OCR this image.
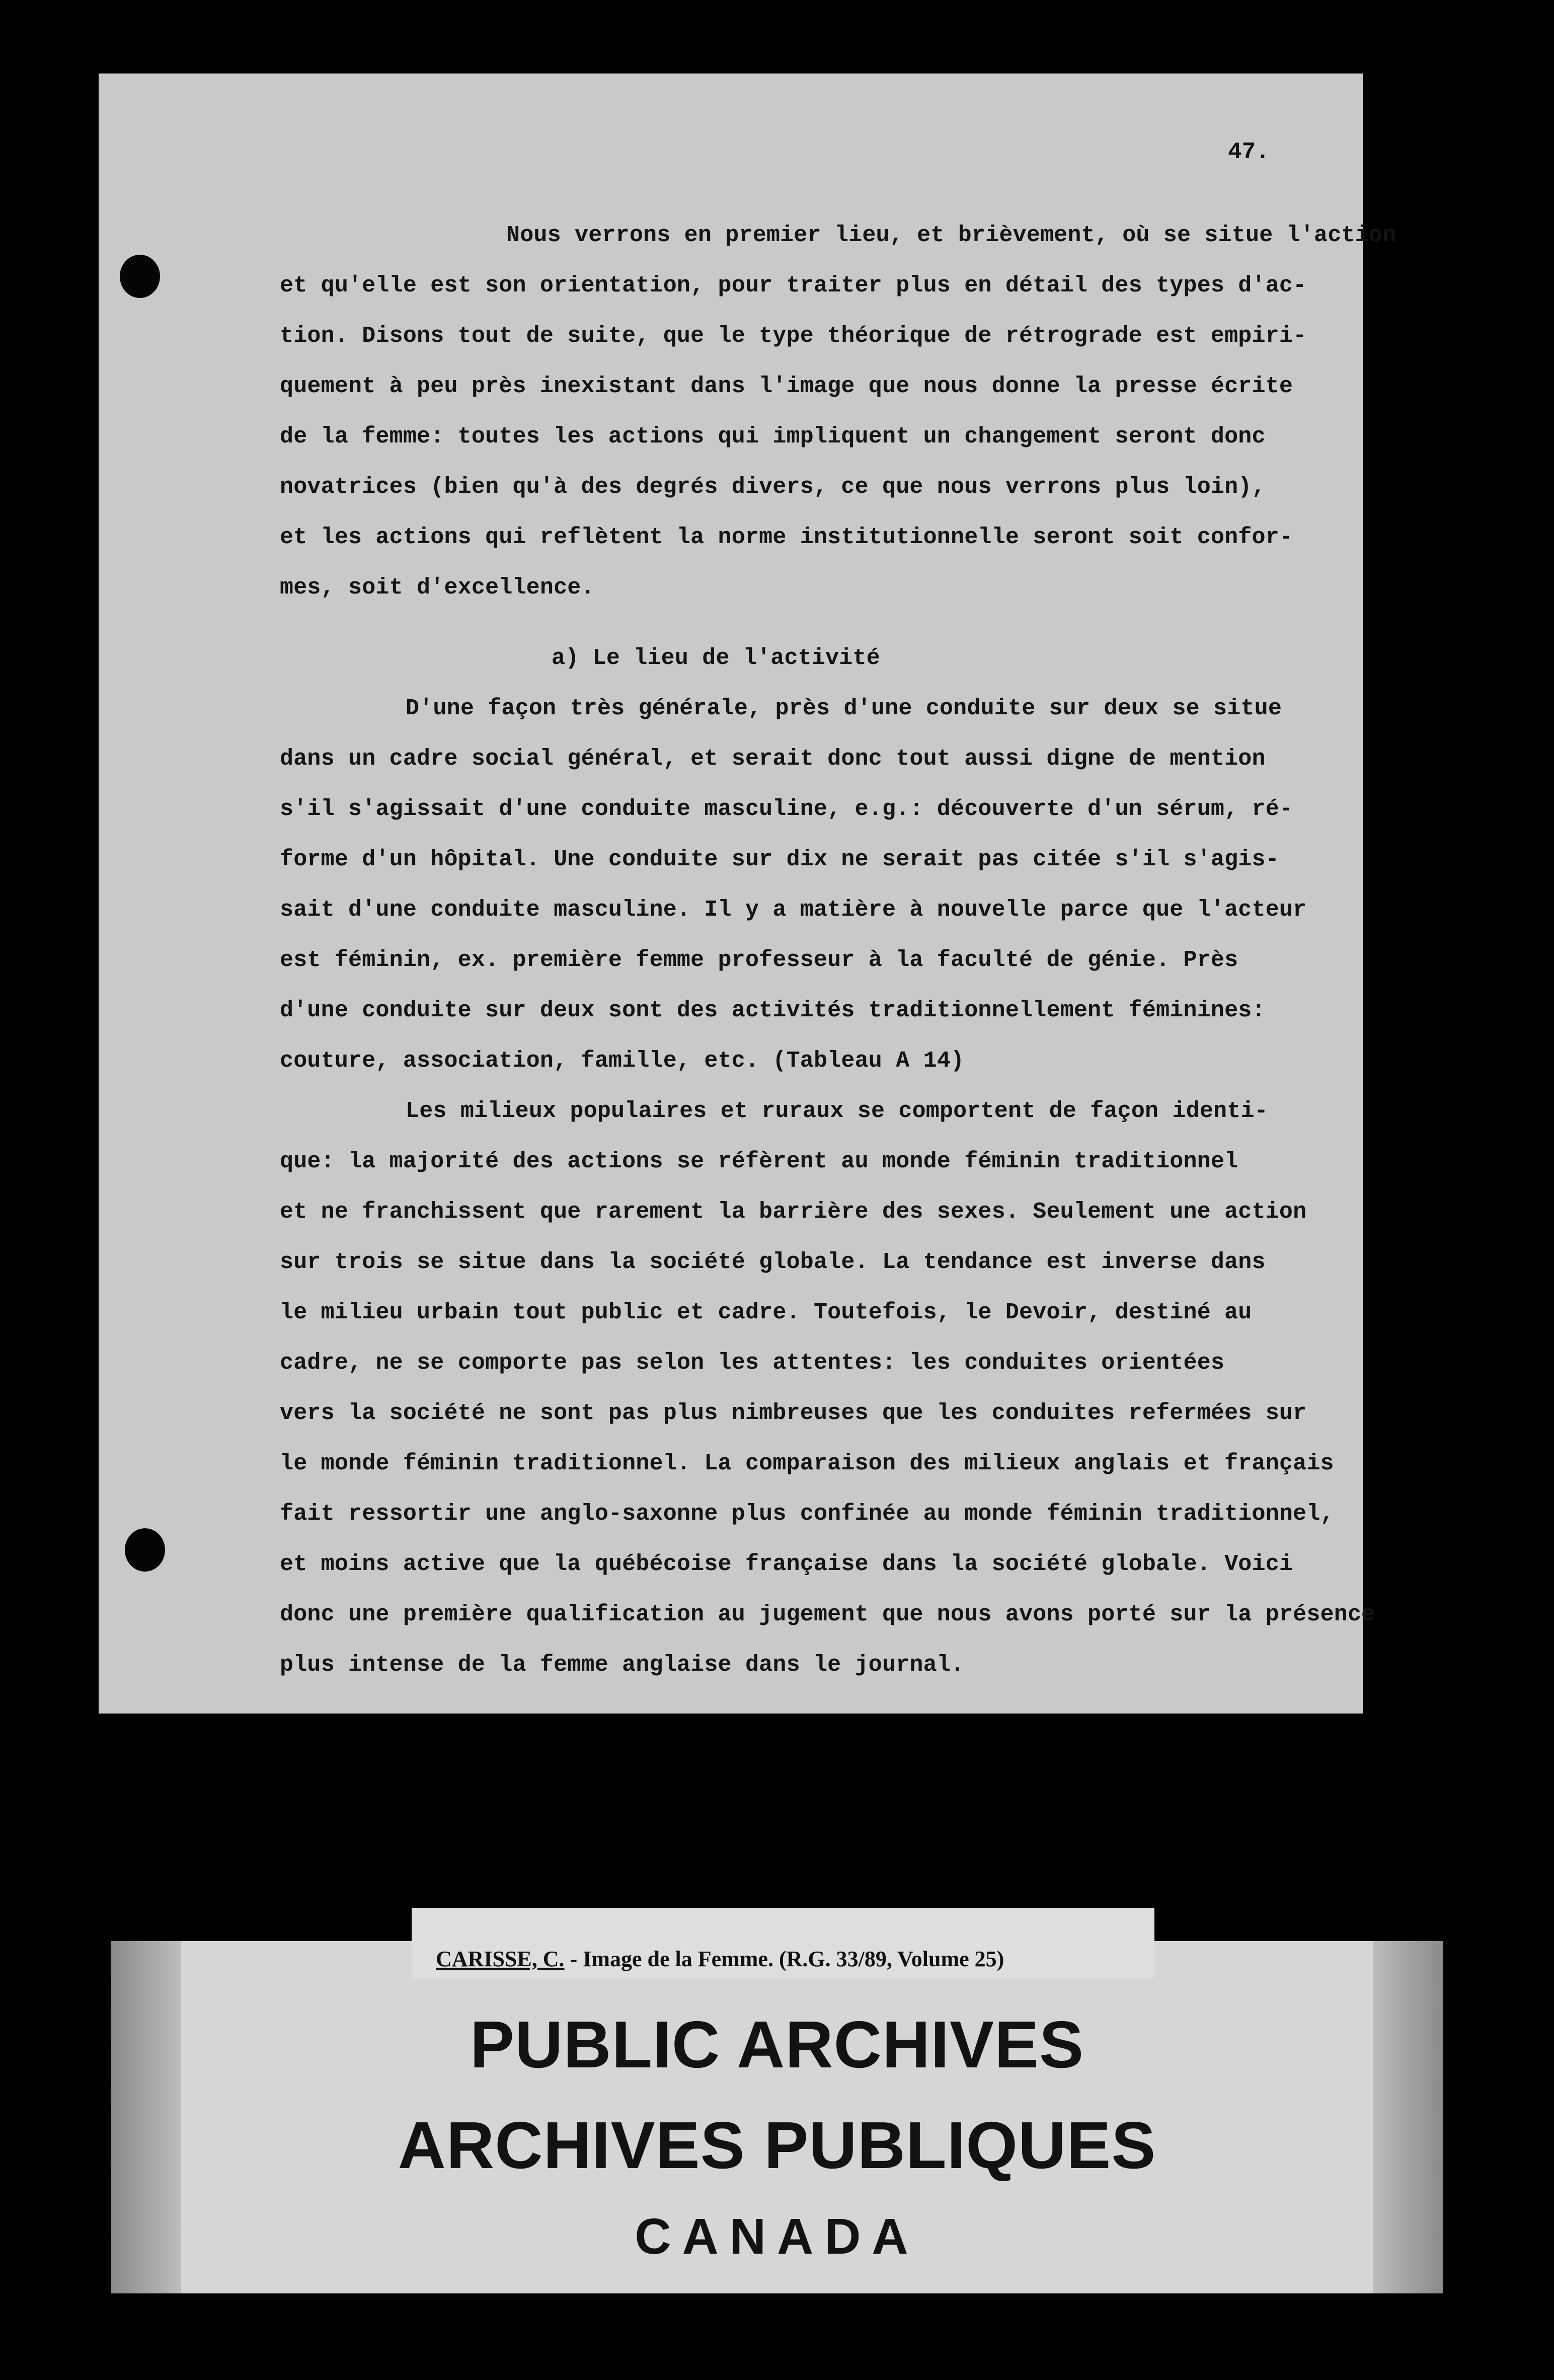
47.
Nous verrons en premier lieu, et brièvement, où se situe l'action
et qu'elle est son orientation, pour traiter plus en détail des types d'ac-
tion. Disons tout de suite, que le type théorique de rétrograde est empiri-
quement à peu près inexistant dans l'image que nous donne la presse écrite
de la femme: toutes les actions qui impliquent un changement seront donc
novatrices (bien qu'à des degrés divers, ce que nous verrons plus loin),
et les actions qui reflètent la norme institutionnelle seront soit confor-
mes, soit d'excellence.
a) Le lieu de l'activité
D'une façon très générale, près d'une conduite sur deux se situe
dans un cadre social général, et serait donc tout aussi digne de mention
s'il s'agissait d'une conduite masculine, e.g.: découverte d'un sérum, ré-
forme d'un hôpital. Une conduite sur dix ne serait pas citée s'il s'agis-
sait d'une conduite masculine. Il y a matière à nouvelle parce que l'acteur
est féminin, ex. première femme professeur à la faculté de génie. Près
d'une conduite sur deux sont des activités traditionnellement féminines:
couture, association, famille, etc. (Tableau A 14)
Les milieux populaires et ruraux se comportent de façon identi-
que: la majorité des actions se réfèrent au monde féminin traditionnel
et ne franchissent que rarement la barrière des sexes. Seulement une action
sur trois se situe dans la société globale. La tendance est inverse dans
le milieu urbain tout public et cadre. Toutefois, le Devoir, destiné au
cadre, ne se comporte pas selon les attentes: les conduites orientées
vers la société ne sont pas plus nimbreuses que les conduites refermées sur
le monde féminin traditionnel. La comparaison des milieux anglais et français
fait ressortir une anglo-saxonne plus confinée au monde féminin traditionnel,
et moins active que la québécoise française dans la société globale. Voici
donc une première qualification au jugement que nous avons porté sur la présence
plus intense de la femme anglaise dans le journal.
CARISSE, C. - Image de la Femme. (R.G. 33/89, Volume 25)
PUBLIC ARCHIVES
ARCHIVES PUBLIQUES
CANADA
